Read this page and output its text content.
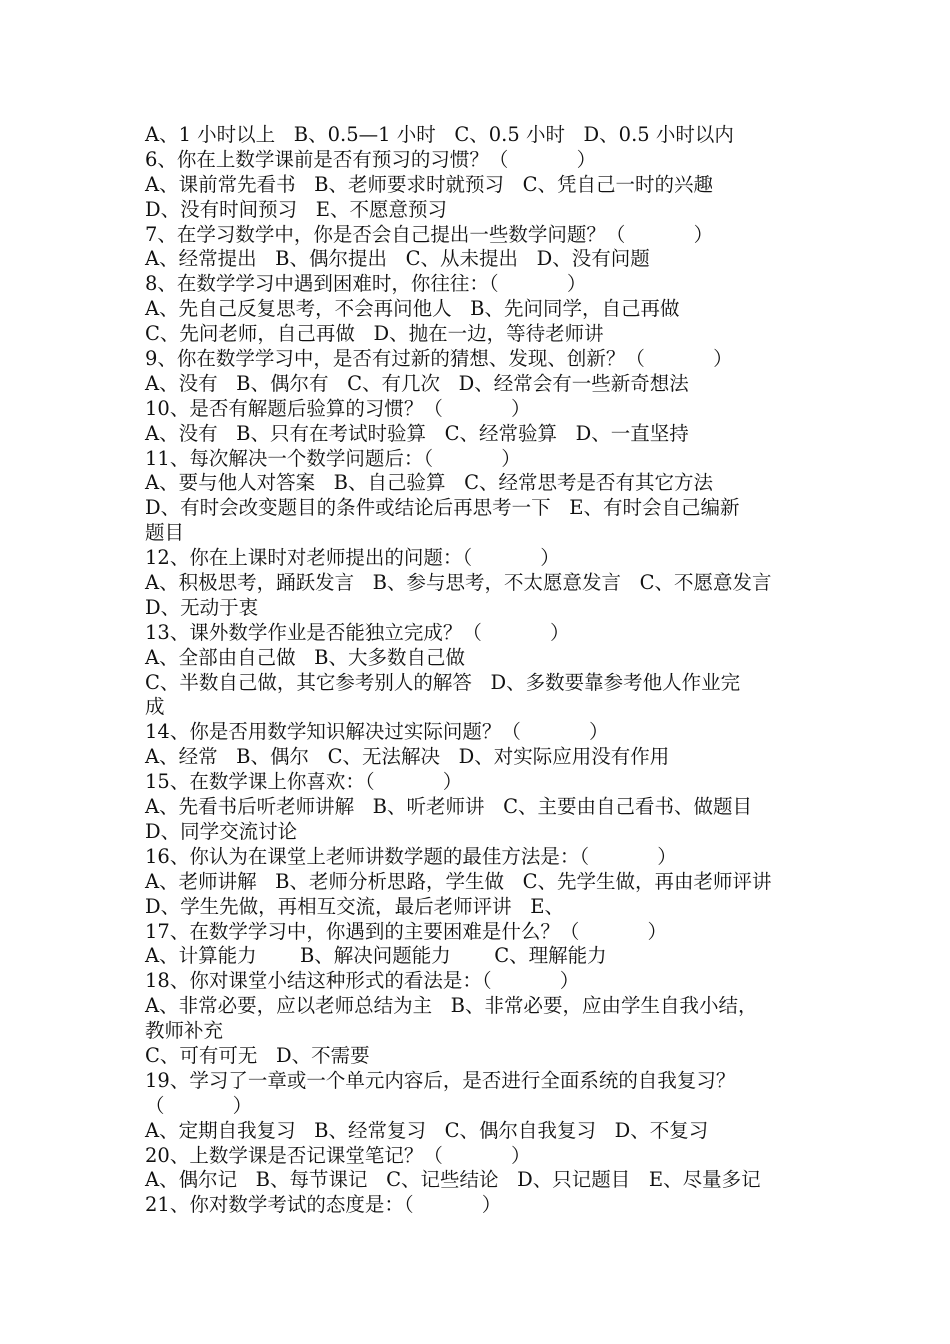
A、1 小时以上   B、0.5—1 小时   C、0.5 小时   D、0.5 小时以内
6、你在上数学课前是否有预习的习惯？（           ）
A、课前常先看书   B、老师要求时就预习   C、凭自己一时的兴趣
D、没有时间预习   E、不愿意预习
7、在学习数学中，你是否会自己提出一些数学问题？（           ）
A、经常提出   B、偶尔提出   C、从未提出   D、没有问题
8、在数学学习中遇到困难时，你往往：（           ）
A、先自己反复思考，不会再问他人   B、先问同学，自己再做
C、先问老师，自己再做   D、抛在一边，等待老师讲
9、你在数学学习中，是否有过新的猜想、发现、创新？（           ）
A、没有   B、偶尔有   C、有几次   D、经常会有一些新奇想法
10、是否有解题后验算的习惯？（           ）
A、没有   B、只有在考试时验算   C、经常验算   D、一直坚持
11、每次解决一个数学问题后：（           ）
A、要与他人对答案   B、自己验算   C、经常思考是否有其它方法
D、有时会改变题目的条件或结论后再思考一下   E、有时会自己编新
题目
12、你在上课时对老师提出的问题：（           ）
A、积极思考，踊跃发言   B、参与思考，不太愿意发言   C、不愿意发言
D、无动于衷
13、课外数学作业是否能独立完成？（           ）
A、全部由自己做   B、大多数自己做
C、半数自己做，其它参考别人的解答   D、多数要靠参考他人作业完
成
14、你是否用数学知识解决过实际问题？（           ）
A、经常   B、偶尔   C、无法解决   D、对实际应用没有作用
15、在数学课上你喜欢：（           ）
A、先看书后听老师讲解   B、听老师讲   C、主要由自己看书、做题目
D、同学交流讨论
16、你认为在课堂上老师讲数学题的最佳方法是：（           ）
A、老师讲解   B、老师分析思路，学生做   C、先学生做，再由老师评讲
D、学生先做，再相互交流，最后老师评讲   E、
17、在数学学习中，你遇到的主要困难是什么？（           ）
A、计算能力       B、解决问题能力       C、理解能力
18、你对课堂小结这种形式的看法是：（           ）
A、非常必要，应以老师总结为主   B、非常必要，应由学生自我小结，
教师补充
C、可有可无   D、不需要
19、学习了一章或一个单元内容后，是否进行全面系统的自我复习？
（           ）
A、定期自我复习   B、经常复习   C、偶尔自我复习   D、不复习
20、上数学课是否记课堂笔记？（           ）
A、偶尔记   B、每节课记   C、记些结论   D、只记题目   E、尽量多记
21、你对数学考试的态度是：（           ）
